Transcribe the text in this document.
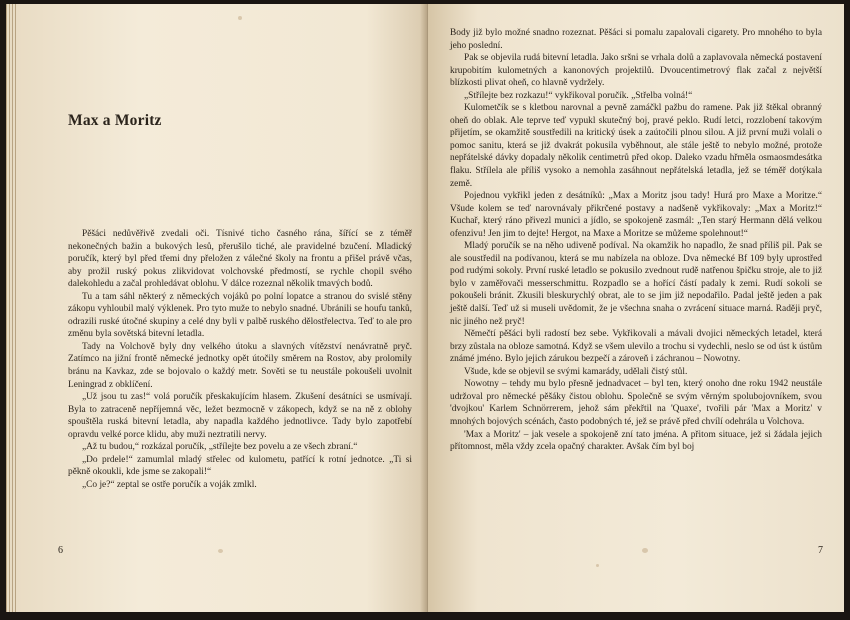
Max a Moritz

Pěšáci nedůvěřivě zvedali oči. Tísnivé ticho časného rána, šířící se z téměř nekonečných bažin a bukových lesů, přerušilo tiché, ale pravidelné bzučení. Mladický poručík, který byl před třemi dny přeložen z válečné školy na frontu a přišel právě včas, aby prožil ruský pokus zlikvidovat volchovské předmostí, se rychle chopil svého dalekohledu a začal prohledávat oblohu. V dálce rozeznal několik tmavých bodů.

Tu a tam sáhl některý z německých vojáků po polní lopatce a stranou do svislé stěny zákopu vyhloubil malý výklenek. Pro tyto muže to nebylo snadné. Ubránili se houfu tanků, odrazili ruské útočné skupiny a celé dny byli v palbě ruského dělostřelectva. Teď to ale pro změnu byla sovětská bitevní letadla.

Tady na Volchově byly dny velkého útoku a slavných vítězství nenávratně pryč. Zatímco na jižní frontě německé jednotky opět útočily směrem na Rostov, aby prolomily bránu na Kavkaz, zde se bojovalo o každý metr. Sověti se tu neustále pokoušeli uvolnit Leningrad z obklíčení.

„Už jsou tu zas!“ volá poručík přeskakujícím hlasem. Zkušení desátníci se usmívají. Byla to zatraceně nepříjemná věc, ležet bezmocně v zákopech, když se na ně z oblohy spouštěla ruská bitevní letadla, aby napadla každého jednotlivce. Tady bylo zapotřebí opravdu velké porce klidu, aby muži neztratili nervy.

„Až tu budou,“ rozkázal poručík, „střílejte bez povelu a ze všech zbraní.“

„Do prdele!“ zamumlal mladý střelec od kulometu, patřící k rotní jednotce. „Ti si pěkně okoukli, kde jsme se zakopali!“

„Co je?“ zeptal se ostře poručík a voják zmlkl.

6

Body již bylo možné snadno rozeznat. Pěšáci si pomalu zapalovali cigarety. Pro mnohého to byla jeho poslední.

Pak se objevila rudá bitevní letadla. Jako sršni se vrhala dolů a zaplavovala německá postavení krupobitím kulometných a kanonových projektilů. Dvoucentimetrový flak začal z největší blízkosti plivat oheň, co hlavně vydržely.

„Střílejte bez rozkazu!“ vykřikoval poručík. „Střelba volná!“

Kulometčík se s kletbou narovnal a pevně zamáčkl pažbu do ramene. Pak již štěkal obranný oheň do oblak. Ale teprve teď vypukl skutečný boj, pravé peklo. Rudí letci, rozzlobení takovým přijetím, se okamžitě soustředili na kritický úsek a zaútočili plnou silou. A již první muži volali o pomoc sanitu, která se již dvakrát pokusila vyběhnout, ale stále ještě to nebylo možné, protože nepřátelské dávky dopadaly několik centimetrů před okop. Daleko vzadu hřměla osmaosmdesátka flaku. Střílela ale příliš vysoko a nemohla zasáhnout nepřátelská letadla, jež se téměř dotýkala země.

Pojednou vykřikl jeden z desátníků: „Max a Moritz jsou tady! Hurá pro Maxe a Moritze.“ Všude kolem se teď narovnávaly přikrčené postavy a nadšeně vykřikovaly: „Max a Moritz!“ Kuchař, který ráno přivezl munici a jídlo, se spokojeně zasmál: „Ten starý Hermann dělá velkou ofenzivu! Jen jim to dejte! Hergot, na Maxe a Moritze se můžeme spolehnout!“

Mladý poručík se na něho udiveně podíval. Na okamžik ho napadlo, že snad příliš pil. Pak se ale soustředil na podívanou, která se mu nabízela na obloze. Dva německé Bf 109 byly uprostřed pod rudými sokoly. První ruské letadlo se pokusilo zvednout rudě natřenou špičku stroje, ale to již bylo v zaměřovači messerschmittu. Rozpadlo se a hořící částí padaly k zemi. Rudí sokoli se pokoušeli bránit. Zkusili bleskurychlý obrat, ale to se jim již nepodařilo. Padal ještě jeden a pak ještě další. Teď už si museli uvědomit, že je všechna snaha o zvrácení situace marná. Raději pryč, nic jiného než pryč!

Němečtí pěšáci byli radostí bez sebe. Vykřikovali a mávali dvojici německých letadel, která brzy zůstala na obloze samotná. Když se všem ulevilo a trochu si vydechli, neslo se od úst k ústům známé jméno. Bylo jejich zárukou bezpečí a zároveň i záchranou – Nowotny.

Všude, kde se objevil se svými kamarády, udělali čistý stůl.

Nowotny – tehdy mu bylo přesně jednadvacet – byl ten, který onoho dne roku 1942 neustále udržoval pro německé pěšáky čistou oblohu. Společně se svým věrným spolubojovníkem, svou 'dvojkou' Karlem Schnörrerem, jehož sám překřtil na 'Quaxe', tvořili pár 'Max a Moritz' v mnohých bojových scénách, často podobných té, jež se právě před chvílí odehrála u Volchova.

'Max a Moritz' – jak vesele a spokojeně zní tato jména. A přitom situace, jež si žádala jejich přítomnost, měla vždy zcela opačný charakter. Avšak čím byl boj

7
